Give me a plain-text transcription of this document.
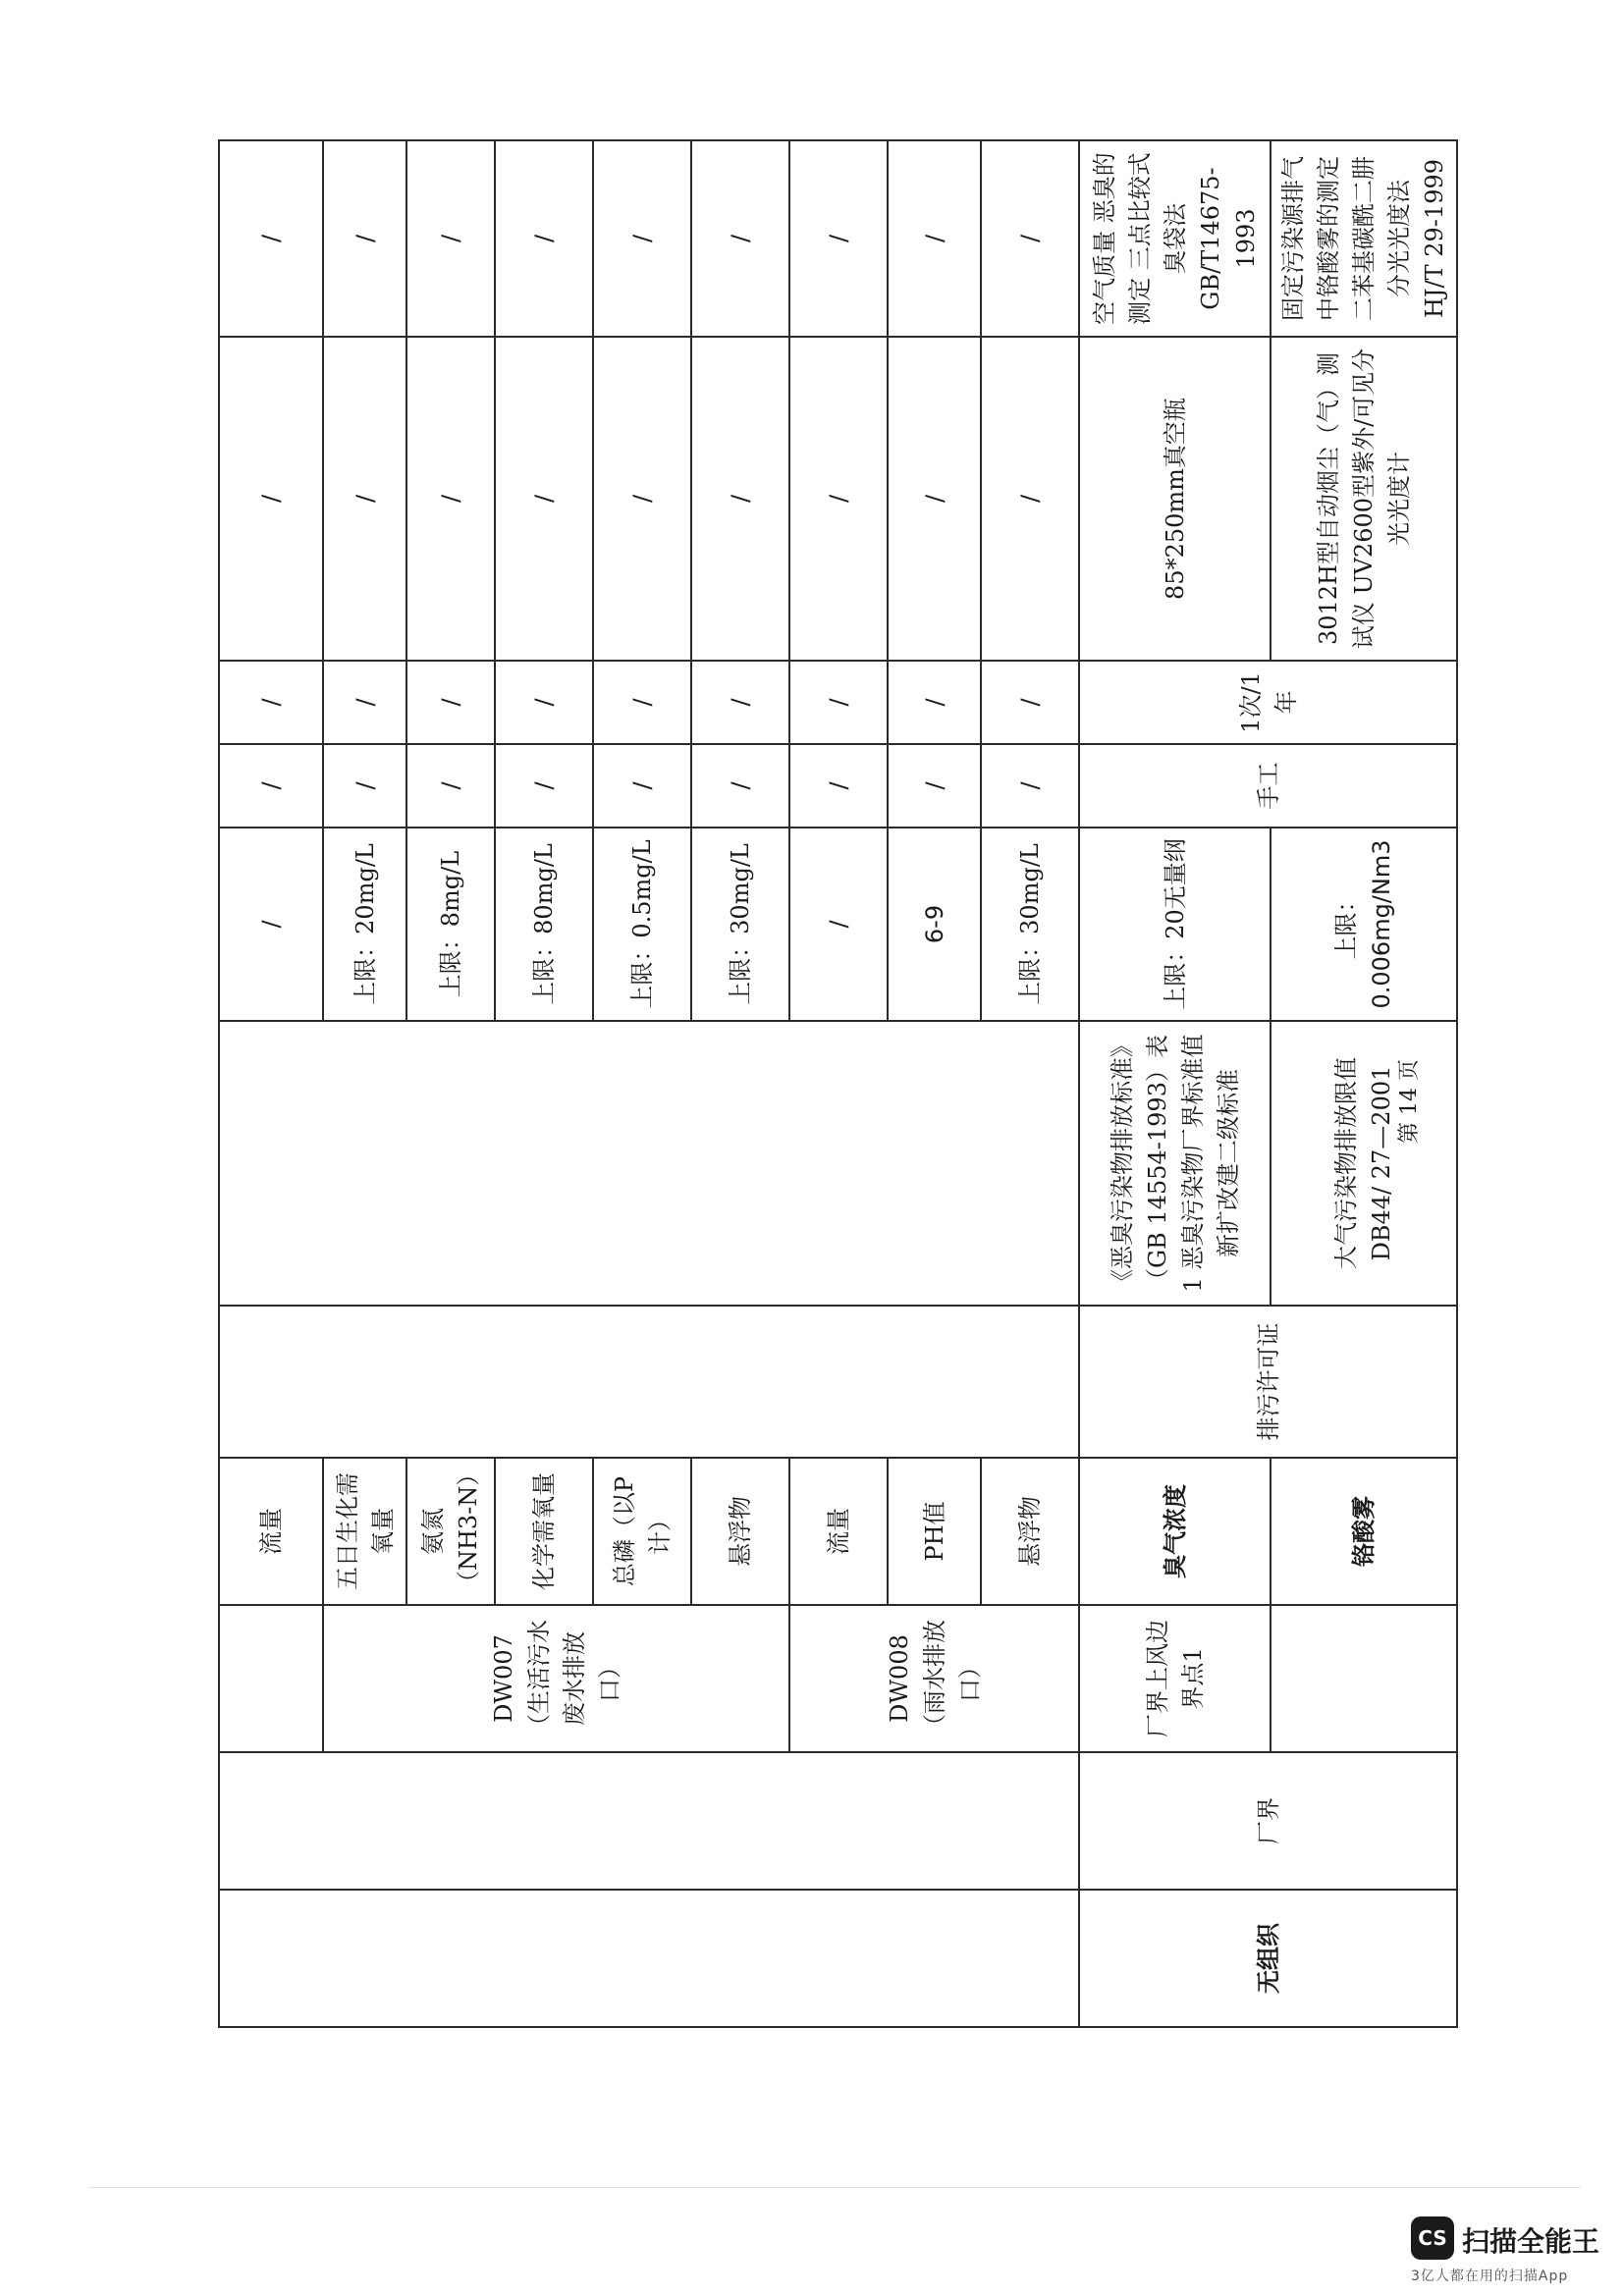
			流量			/	/	/	/	/
		DW007（生活污水废水排放口）	五日生化需氧量			上限：20mg/L	/	/	/	/
			氨氮（NH3-N）			上限：8mg/L	/	/	/	/
			化学需氧量			上限：80mg/L	/	/	/	/
			总磷（以P计）			上限：0.5mg/L	/	/	/	/
			悬浮物			上限：30mg/L	/	/	/	/
		DW008（雨水排放口）	流量			/	/	/	/	/
			PH值			6-9	/	/	/	/
			悬浮物			上限：30mg/L	/	/	/	/
无组织	厂界	厂界上风边界点1	臭气浓度	排污许可证	《恶臭污染物排放标准》（GB 14554-1993）表1 恶臭污染物厂界标准值新扩改建二级标准	上限：20无量纲	手工	1次/1年	85*250mm真空瓶	空气质量 恶臭的测定 三点比较式臭袋法 GB/T14675-1993
			铬酸雾		大气污染物排放限值 DB44/ 27—2001	上限：0.006mg/Nm3			3012H型自动烟尘（气）测试仪 UV2600型紫外/可见分光光度计	固定污染源排气中铬酸雾的测定 二苯基碳酰二肼分光光度法 HJ/T 29-1999
第 14 页
CS 扫描全能王
3亿人都在用的扫描App
